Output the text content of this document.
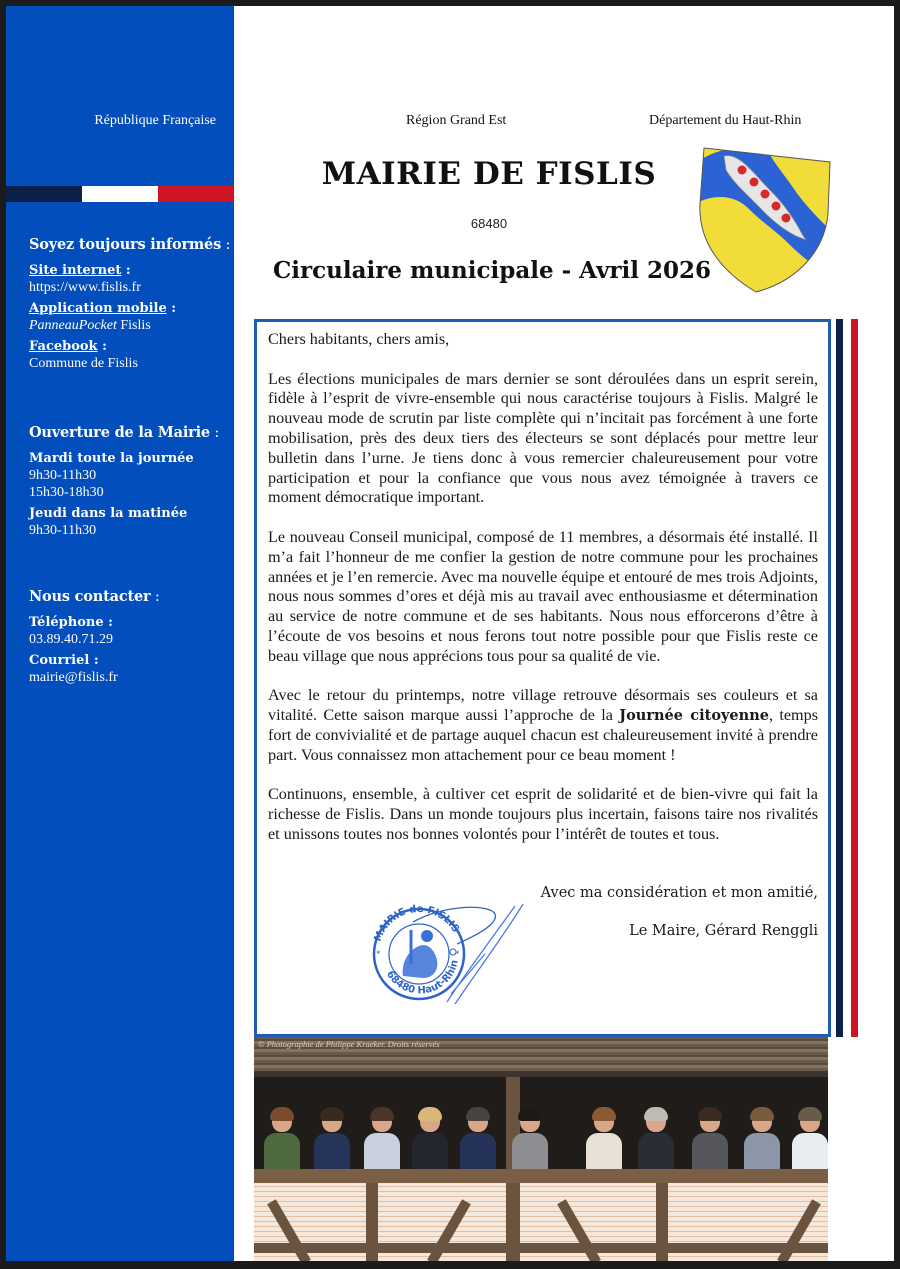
République Française
Soyez toujours informés :
Site internet :
https://www.fislis.fr
Application mobile :
PanneauPocket Fislis
Facebook :
Commune de Fislis
Ouverture de la Mairie :
Mardi toute la journée
9h30-11h30
15h30-18h30
Jeudi dans la matinée
9h30-11h30
Nous contacter :
Téléphone :
03.89.40.71.29
Courriel :
mairie@fislis.fr
Région Grand Est	Département du Haut-Rhin
MAIRIE DE FISLIS
68480
Circulaire municipale - Avril 2026

Chers habitants, chers amis,

Les élections municipales de mars dernier se sont déroulées dans un esprit serein, fidèle à l’esprit de vivre-ensemble qui nous caractérise toujours à Fislis. Malgré le nouveau mode de scrutin par liste complète qui n’incitait pas forcément à une forte mobilisation, près des deux tiers des électeurs se sont déplacés pour mettre leur bulletin dans l’urne. Je tiens donc à vous remercier chaleureusement pour votre participation et pour la confiance que vous nous avez témoignée à travers ce moment démocratique important.

Le nouveau Conseil municipal, composé de 11 membres, a désormais été installé. Il m’a fait l’honneur de me confier la gestion de notre commune pour les prochaines années et je l’en remercie. Avec ma nouvelle équipe et entouré de mes trois Adjoints, nous nous sommes d’ores et déjà mis au travail avec enthousiasme et détermination au service de notre commune et de ses habitants. Nous nous efforcerons d’être à l’écoute de vos besoins et nous ferons tout notre possible pour que Fislis reste ce beau village que nous apprécions tous pour sa qualité de vie.

Avec le retour du printemps, notre village retrouve désormais ses couleurs et sa vitalité. Cette saison marque aussi l’approche de la Journée citoyenne, temps fort de convivialité et de partage auquel chacun est chaleureusement invité à prendre part. Vous connaissez mon attachement pour ce beau moment !

Continuons, ensemble, à cultiver cet esprit de solidarité et de bien-vivre qui fait la richesse de Fislis. Dans un monde toujours plus incertain, faisons taire nos rivalités et unissons toutes nos bonnes volontés pour l’intérêt de toutes et tous.

Avec ma considération et mon amitié,
Le Maire, Gérard Renggli
MAIRIE de FISLIS
68480 Haut-Rhin
*	*
© Photographie de Philippe Kraeker. Droits réservés
